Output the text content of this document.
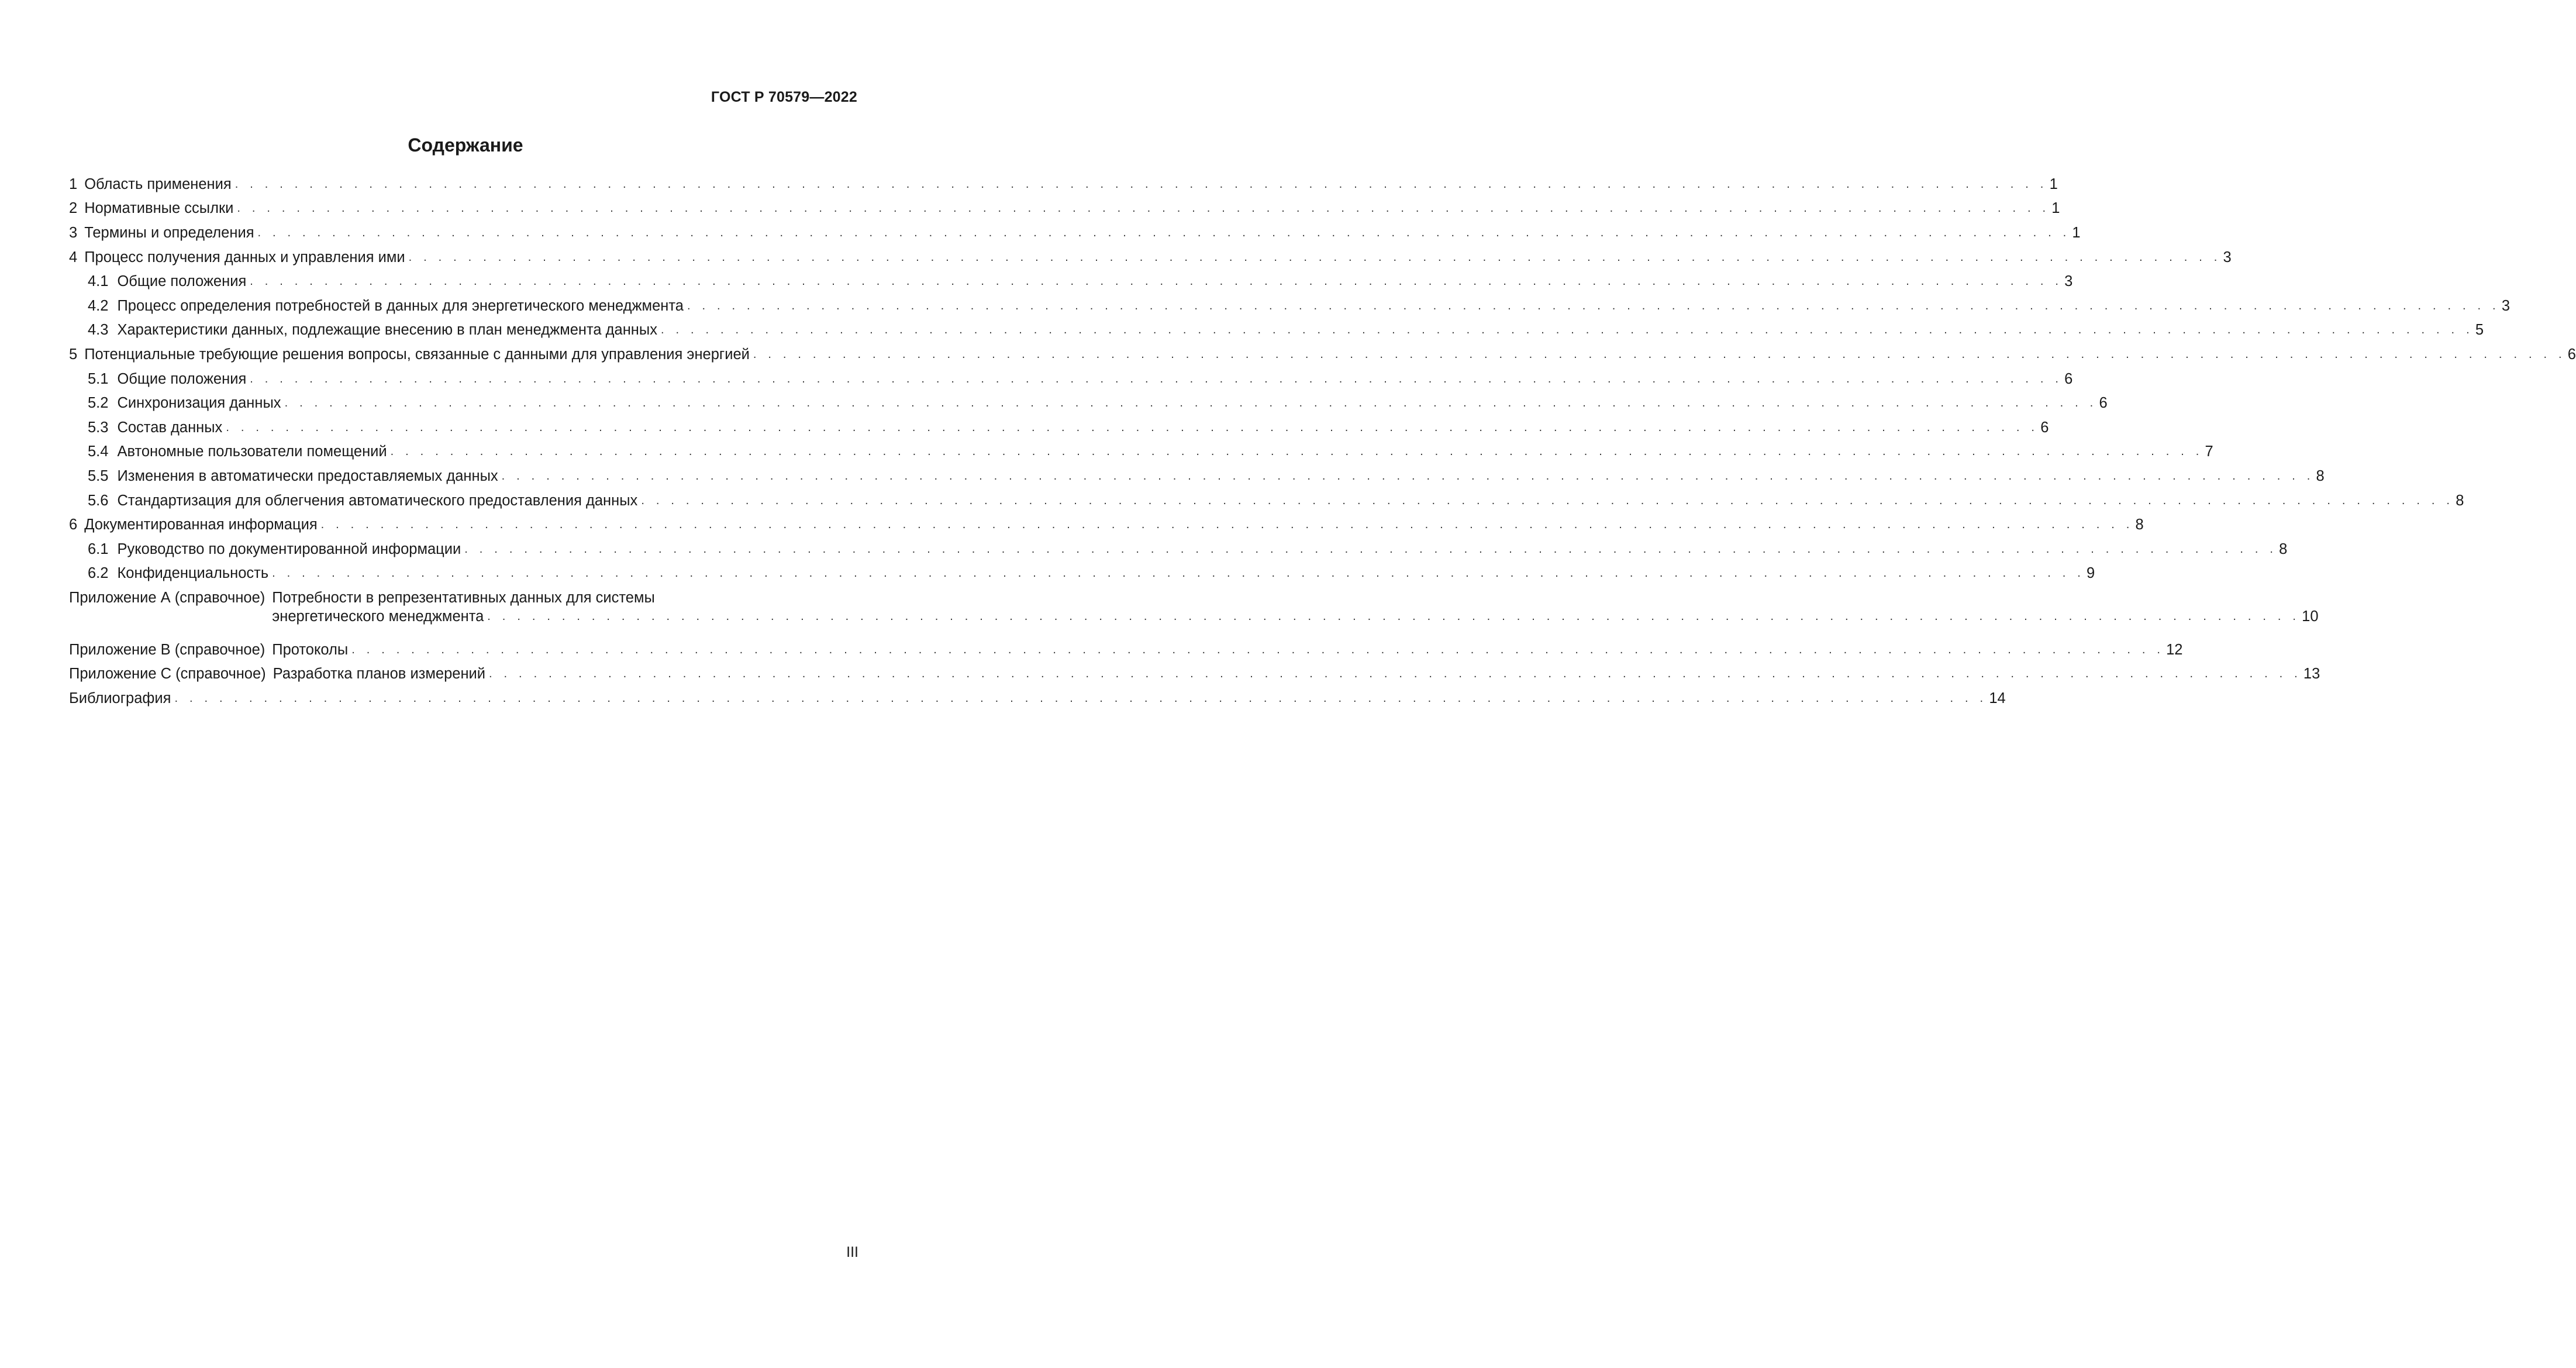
ГОСТ Р 70579—2022
Содержание
1 Область применения . . .	1
2 Нормативные ссылки . . .	1
3 Термины и определения . . .	1
4 Процесс получения данных и управления ими . . .	3
4.1 Общие положения . . .	3
4.2 Процесс определения потребностей в данных для энергетического менеджмента . . .	3
4.3 Характеристики данных, подлежащие внесению в план менеджмента данных . . .	5
5 Потенциальные требующие решения вопросы, связанные с данными для управления энергией . . .	6
5.1 Общие положения . . .	6
5.2 Синхронизация данных . . .	6
5.3 Состав данных . . .	6
5.4 Автономные пользователи помещений . . .	7
5.5 Изменения в автоматически предоставляемых данных . . .	8
5.6 Стандартизация для облегчения автоматического предоставления данных . . .	8
6 Документированная информация . . .	8
6.1 Руководство по документированной информации . . .	8
6.2 Конфиденциальность . . .	9
Приложение А (справочное) Потребности в репрезентативных данных для системы
энергетического менеджмента . . .	10
Приложение В (справочное) Протоколы . . .	12
Приложение С (справочное) Разработка планов измерений . . .	13
Библиография . . .	14
III
